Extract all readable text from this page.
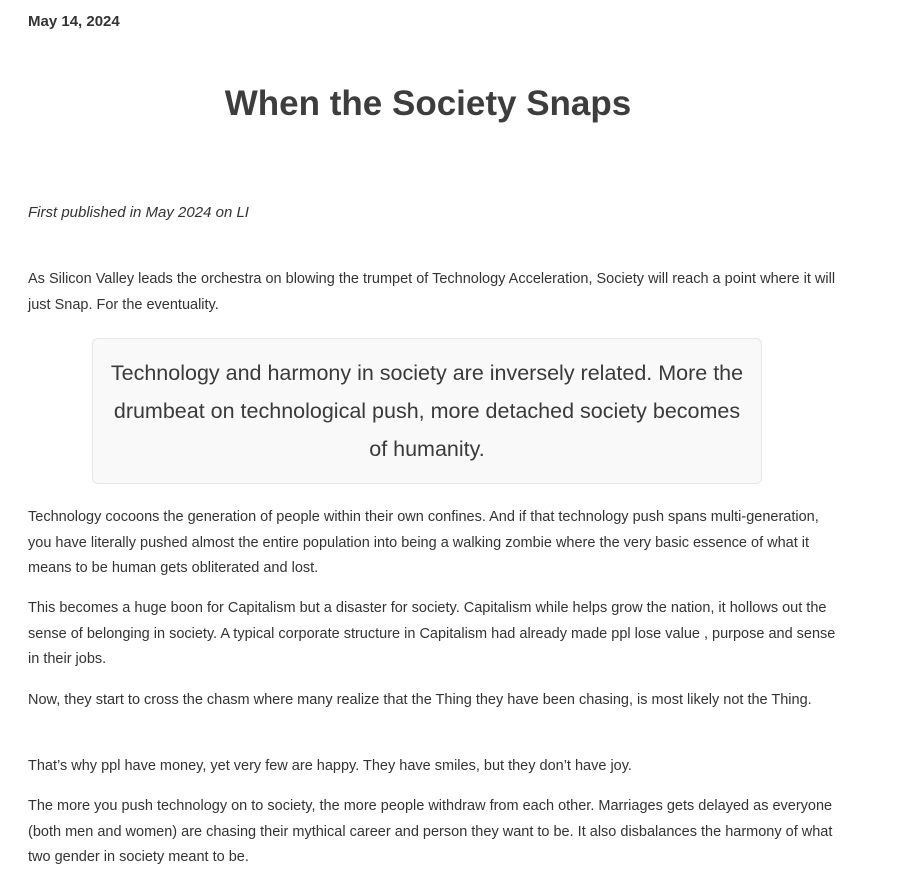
May 14, 2024
When the Society Snaps
First published in May 2024 on LI

As Silicon Valley leads the orchestra on blowing the trumpet of Technology Acceleration, Society will reach a point where it will just Snap. For the eventuality.

Technology and harmony in society are inversely related. More the drumbeat on technological push, more detached society becomes of humanity.

Technology cocoons the generation of people within their own confines. And if that technology push spans multi-generation, you have literally pushed almost the entire population into being a walking zombie where the very basic essence of what it means to be human gets obliterated and lost.

This becomes a huge boon for Capitalism but a disaster for society. Capitalism while helps grow the nation, it hollows out the sense of belonging in society. A typical corporate structure in Capitalism had already made ppl lose value , purpose and sense in their jobs.

Now, they start to cross the chasm where many realize that the Thing they have been chasing, is most likely not the Thing.

That’s why ppl have money, yet very few are happy. They have smiles, but they don’t have joy.

The more you push technology on to society, the more people withdraw from each other. Marriages gets delayed as everyone (both men and women) are chasing their mythical career and person they want to be. It also disbalances the harmony of what two gender in society meant to be.
